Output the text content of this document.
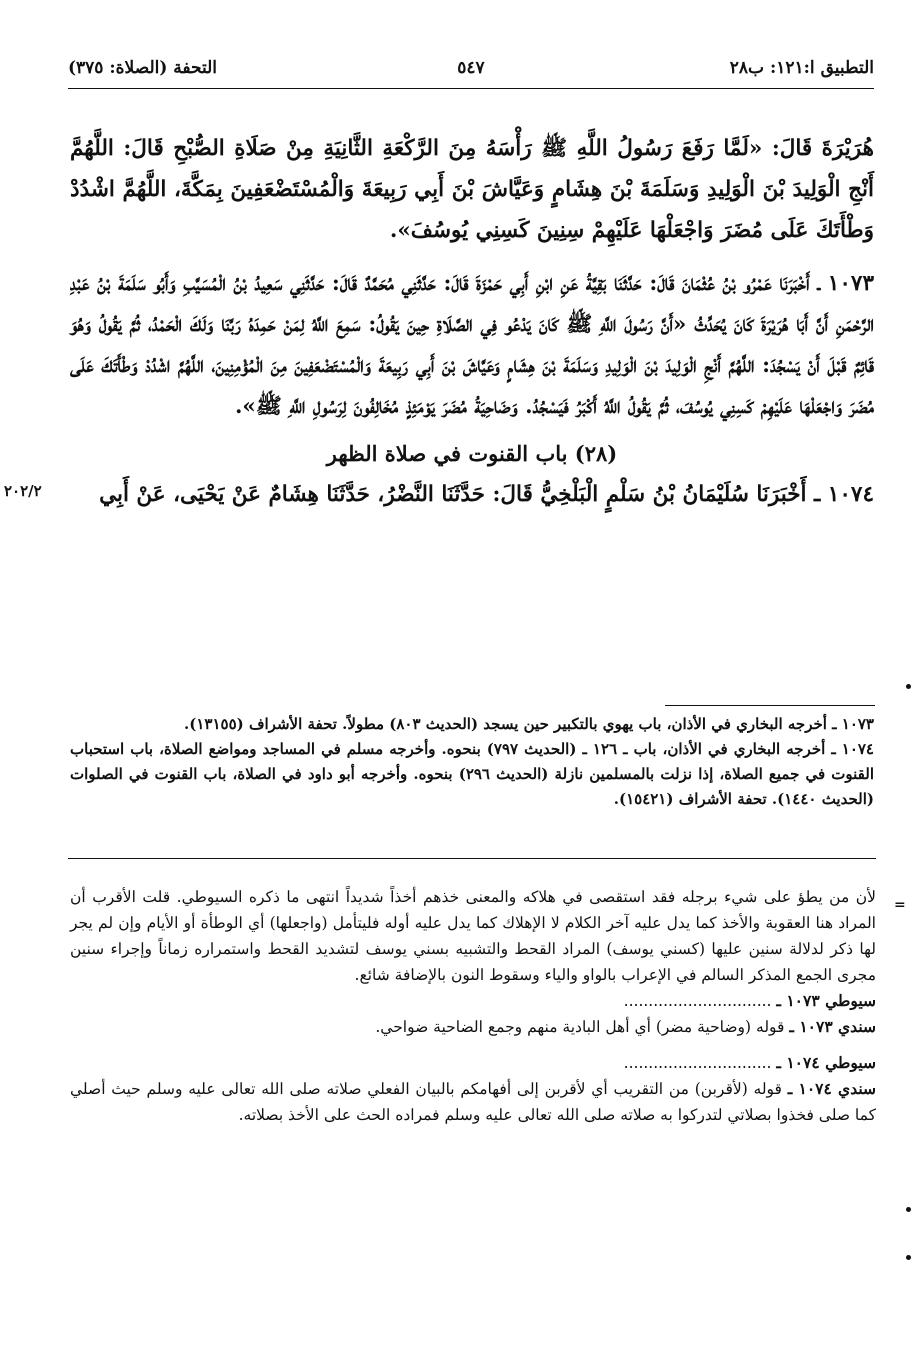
التطبيق ا:١٢١: ب٢٨
٥٤٧
التحفة (الصلاة: ٣٧٥)

هُرَيْرَةَ قَالَ: «لَمَّا رَفَعَ رَسُولُ اللَّهِ ﷺ رَأْسَهُ مِنَ الرَّكْعَةِ الثَّانِيَةِ مِنْ صَلَاةِ الصُّبْحِ قَالَ: اللَّهُمَّ أَنْجِ الْوَلِيدَ بْنَ الْوَلِيدِ وَسَلَمَةَ بْنَ هِشَامٍ وَعَيَّاشَ بْنَ أَبِي رَبِيعَةَ وَالْمُسْتَضْعَفِينَ بِمَكَّةَ، اللَّهُمَّ اشْدُدْ وَطْأَتَكَ عَلَى مُضَرَ وَاجْعَلْهَا عَلَيْهِمْ سِنِينَ كَسِنِي يُوسُفَ».

١٠٧٣ ـ أَخْبَرَنَا عَمْرُو بْنُ عُثْمَانَ قَالَ: حَدَّثَنَا بَقِيَّةُ عَنِ ابْنِ أَبِي حَمْزَةَ قَالَ: حَدَّثَنِي مُحَمَّدٌ قَالَ: حَدَّثَنِي سَعِيدُ بْنُ الْمُسَيَّبِ وَأَبُو سَلَمَةَ بْنُ عَبْدِ الرَّحْمَنِ أَنَّ أَبَا هُرَيْرَةَ كَانَ يُحَدِّثُ «أَنَّ رَسُولَ اللَّهِ ﷺ كَانَ يَدْعُو فِي الصَّلَاةِ حِينَ يَقُولُ: سَمِعَ اللَّهُ لِمَنْ حَمِدَهُ رَبَّنَا وَلَكَ الْحَمْدُ، ثُمَّ يَقُولُ وَهُوَ قَائِمٌ قَبْلَ أَنْ يَسْجُدَ: اللَّهُمَّ أَنْجِ الْوَلِيدَ بْنَ الْوَلِيدِ وَسَلَمَةَ بْنَ هِشَامٍ وَعَيَّاشَ بْنَ أَبِي رَبِيعَةَ وَالْمُسْتَضْعَفِينَ مِنَ الْمُؤْمِنِينَ، اللَّهُمَّ اشْدُدْ وَطْأَتَكَ عَلَى مُضَرَ وَاجْعَلْهَا عَلَيْهِمْ كَسِنِي يُوسُفَ، ثُمَّ يَقُولُ اللَّهُ أَكْبَرُ فَيَسْجُدُ. وَضَاحِيَةُ مُضَرَ يَوْمَئِذٍ مُخَالِفُونَ لِرَسُولِ اللَّهِ ﷺ».

(٢٨) باب القنوت في صلاة الظهر

١٠٧٤ ـ أَخْبَرَنَا سُلَيْمَانُ بْنُ سَلْمٍ الْبَلْخِيُّ قَالَ: حَدَّثَنَا النَّضْرُ، حَدَّثَنَا هِشَامٌ عَنْ يَحْيَى، عَنْ أَبِي

٢٠٢/٢

١٠٧٣ ـ أخرجه البخاري في الأذان، باب يهوي بالتكبير حين يسجد (الحديث ٨٠٣) مطولاً. تحفة الأشراف (١٣١٥٥).

١٠٧٤ ـ أخرجه البخاري في الأذان، باب ـ ١٢٦ ـ (الحديث ٧٩٧) بنحوه. وأخرجه مسلم في المساجد ومواضع الصلاة، باب استحباب القنوت في جميع الصلاة، إذا نزلت بالمسلمين نازلة (الحديث ٢٩٦) بنحوه. وأخرجه أبو داود في الصلاة، باب القنوت في الصلوات (الحديث ١٤٤٠). تحفة الأشراف (١٥٤٢١).

=

لأن من يطؤ على شيء برجله فقد استقصى في هلاكه والمعنى خذهم أخذاً شديداً انتهى ما ذكره السيوطي. قلت الأقرب أن المراد هنا العقوبة والأخذ كما يدل عليه آخر الكلام لا الإهلاك كما يدل عليه أوله فليتأمل (واجعلها) أي الوطأة أو الأيام وإن لم يجر لها ذكر لدلالة سنين عليها (كسني يوسف) المراد القحط والتشبيه بسني يوسف لتشديد القحط واستمراره زماناً وإجراء سنين مجرى الجمع المذكر السالم في الإعراب بالواو والياء وسقوط النون بالإضافة شائع.

سيوطي ١٠٧٣ ـ ..............................

سندي ١٠٧٣ ـ قوله (وضاحية مضر) أي أهل البادية منهم وجمع الضاحية ضواحي.

سيوطي ١٠٧٤ ـ ..............................

سندي ١٠٧٤ ـ قوله (لأقربن) من التقريب أي لأقربن إلى أفهامكم بالبيان الفعلي صلاته صلى الله تعالى عليه وسلم حيث أصلي كما صلى فخذوا بصلاتي لتدركوا به صلاته صلى الله تعالى عليه وسلم فمراده الحث على الأخذ بصلاته.
